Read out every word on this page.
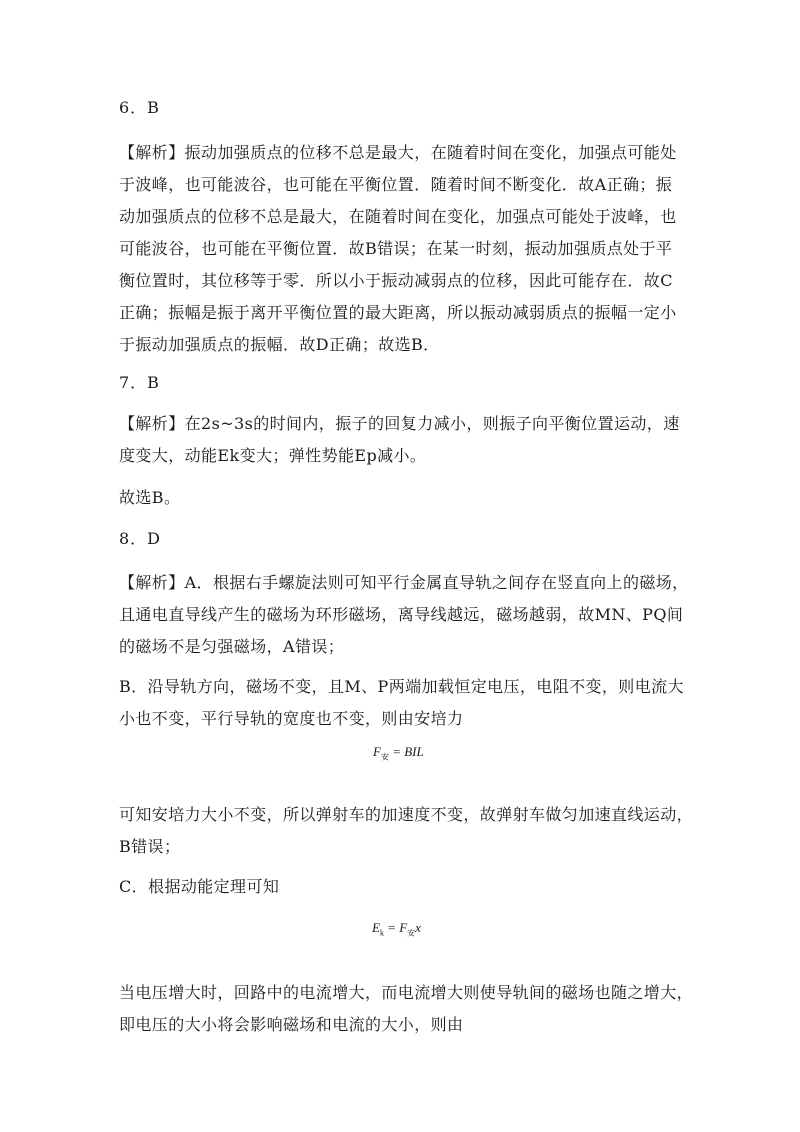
6．B
【解析】振动加强质点的位移不总是最大，在随着时间在变化，加强点可能处
于波峰，也可能波谷，也可能在平衡位置．随着时间不断变化．故A正确；振
动加强质点的位移不总是最大，在随着时间在变化，加强点可能处于波峰，也
可能波谷，也可能在平衡位置．故B错误；在某一时刻，振动加强质点处于平
衡位置时，其位移等于零．所以小于振动减弱点的位移，因此可能存在．故C
正确；振幅是振于离开平衡位置的最大距离，所以振动减弱质点的振幅一定小
于振动加强质点的振幅．故D正确；故选B．
7．B
【解析】在2s~3s的时间内，振子的回复力减小，则振子向平衡位置运动，速
度变大，动能Ek变大；弹性势能Ep减小。
故选B。
8．D
【解析】A．根据右手螺旋法则可知平行金属直导轨之间存在竖直向上的磁场，
且通电直导线产生的磁场为环形磁场，离导线越远，磁场越弱，故MN、PQ间
的磁场不是匀强磁场，A错误；
B．沿导轨方向，磁场不变，且M、P两端加载恒定电压，电阻不变，则电流大
小也不变，平行导轨的宽度也不变，则由安培力
$F_安$ = BIL
可知安培力大小不变，所以弹射车的加速度不变，故弹射车做匀加速直线运动，
B错误；
C．根据动能定理可知
$E_k = F_安x$
当电压增大时，回路中的电流增大，而电流增大则使导轨间的磁场也随之增大，
即电压的大小将会影响磁场和电流的大小，则由
